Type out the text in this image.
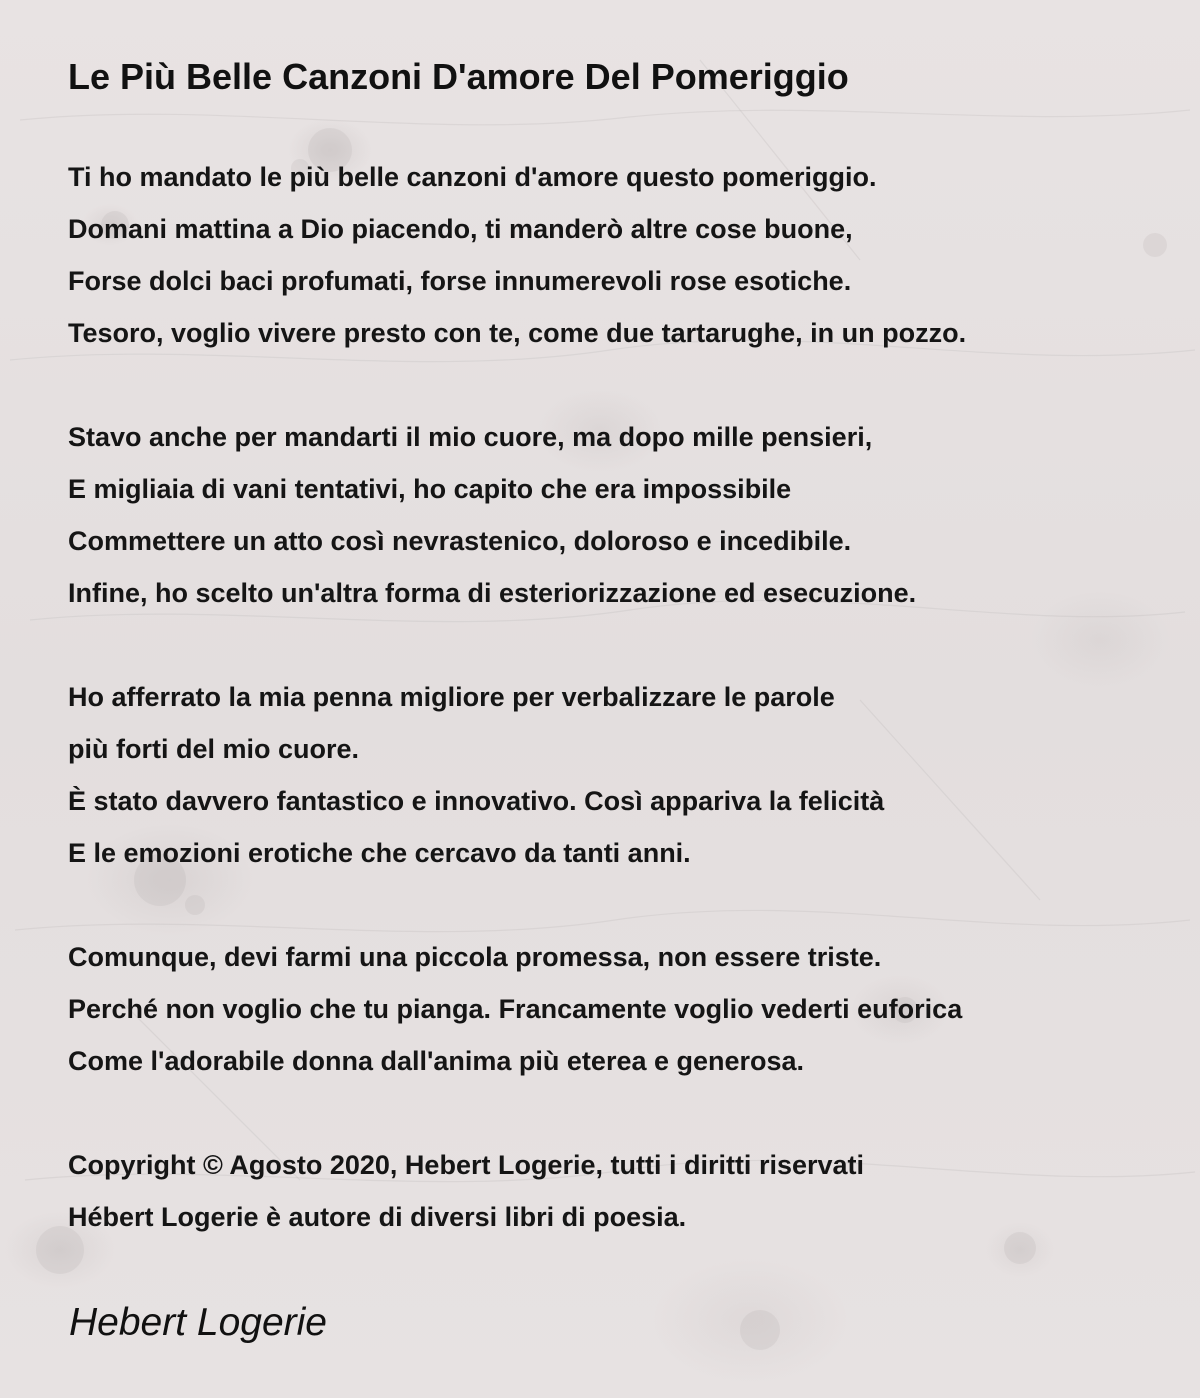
Le Più Belle Canzoni D'amore Del Pomeriggio
Ti ho mandato le più belle canzoni d'amore questo pomeriggio.
Domani mattina a Dio piacendo, ti manderò altre cose buone,
Forse dolci baci profumati, forse innumerevoli rose esotiche.
Tesoro, voglio vivere presto con te, come due tartarughe, in un pozzo.
Stavo anche per mandarti il mio cuore, ma dopo mille pensieri,
E migliaia di vani tentativi, ho capito che era impossibile
Commettere un atto così nevrastenico, doloroso e incedibile.
Infine, ho scelto un'altra forma di esteriorizzazione ed esecuzione.
Ho afferrato la mia penna migliore per verbalizzare le parole
più forti del mio cuore.
È stato davvero fantastico e innovativo. Così appariva la felicità
E le emozioni erotiche che cercavo da tanti anni.
Comunque, devi farmi una piccola promessa, non essere triste.
Perché non voglio che tu pianga. Francamente voglio vederti euforica
Come l'adorabile donna dall'anima più eterea e generosa.
Copyright © Agosto 2020, Hebert Logerie, tutti i diritti riservati
Hébert Logerie è autore di diversi libri di poesia.
Hebert Logerie
